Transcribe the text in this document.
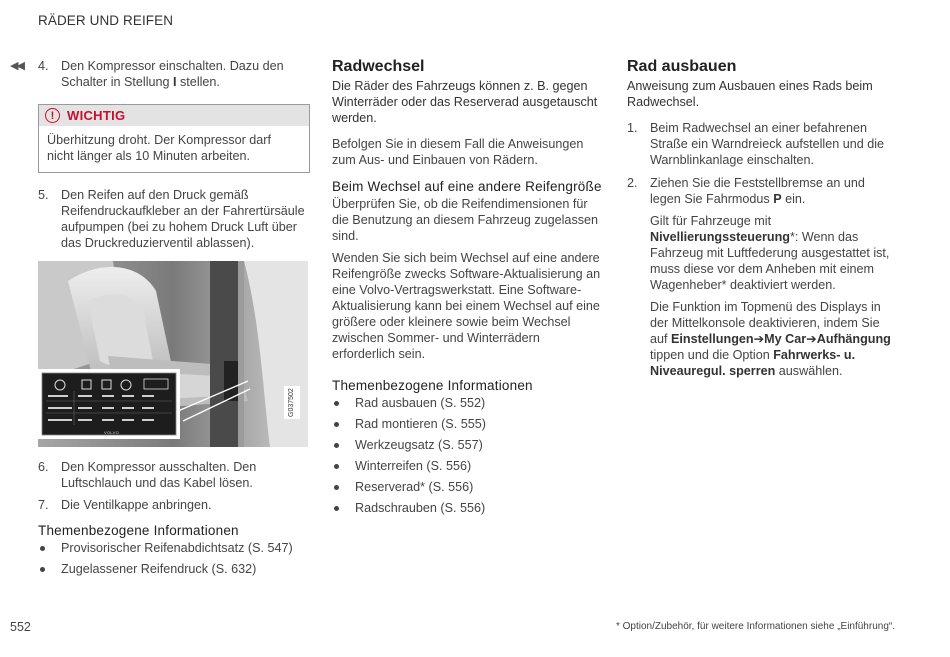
RÄDER UND REIFEN
◀◀ 4. Den Kompressor einschalten. Dazu den Schalter in Stellung I stellen.
! WICHTIG
Überhitzung droht. Der Kompressor darf nicht länger als 10 Minuten arbeiten.
5. Den Reifen auf den Druck gemäß Reifendruckaufkleber an der Fahrertürsäule aufpumpen (bei zu hohem Druck Luft über das Druckreduzierventil ablassen).
VOLVO
G037502
6. Den Kompressor ausschalten. Den Luftschlauch und das Kabel lösen.
7. Die Ventilkappe anbringen.
Themenbezogene Informationen
Provisorischer Reifenabdichtsatz (S. 547)
Zugelassener Reifendruck (S. 632)
Radwechsel

Die Räder des Fahrzeugs können z. B. gegen Winterräder oder das Reserverad ausgetauscht werden.

Befolgen Sie in diesem Fall die Anweisungen zum Aus- und Einbauen von Rädern.

Beim Wechsel auf eine andere Reifengröße

Überprüfen Sie, ob die Reifendimensionen für die Benutzung an diesem Fahrzeug zugelassen sind.

Wenden Sie sich beim Wechsel auf eine andere Reifengröße zwecks Software-Aktualisierung an eine Volvo-Vertragswerkstatt. Eine Software-Aktualisierung kann bei einem Wechsel auf eine größere oder kleinere sowie beim Wechsel zwischen Sommer- und Winterrädern erforderlich sein.

Themenbezogene Informationen
Rad ausbauen (S. 552)
Rad montieren (S. 555)
Werkzeugsatz (S. 557)
Winterreifen (S. 556)
Reserverad* (S. 556)
Radschrauben (S. 556)
Rad ausbauen

Anweisung zum Ausbauen eines Rads beim Radwechsel.

1. Beim Radwechsel an einer befahrenen Straße ein Warndreieck aufstellen und die Warnblinkanlage einschalten.
2. Ziehen Sie die Feststellbremse an und legen Sie Fahrmodus P ein.

Gilt für Fahrzeuge mit Nivellierungssteuerung*: Wenn das Fahrzeug mit Luftfederung ausgestattet ist, muss diese vor dem Anheben mit einem Wagenheber* deaktiviert werden.

Die Funktion im Topmenü des Displays in der Mittelkonsole deaktivieren, indem Sie auf Einstellungen➔My Car➔Aufhängung tippen und die Option Fahrwerks- u. Niveauregul. sperren auswählen.

552	* Option/Zubehör, für weitere Informationen siehe „Einführung“.
